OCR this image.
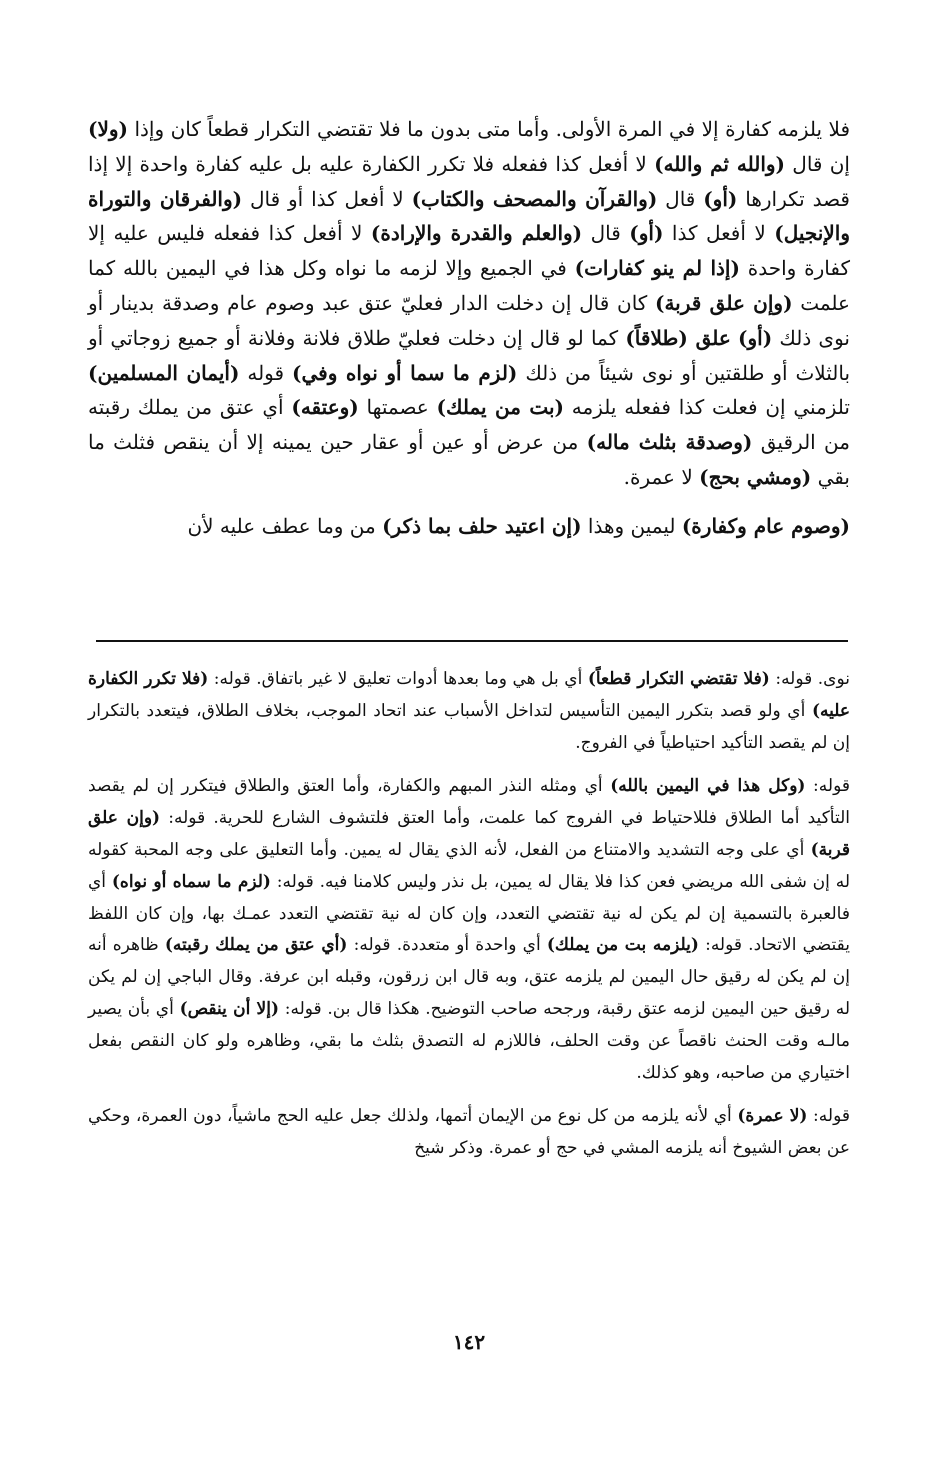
فلا يلزمه كفارة إلا في المرة الأولى. وأما متى بدون ما فلا تقتضي التكرار قطعاً كان وإذا (ولا) إن قال (والله ثم والله) لا أفعل كذا ففعله فلا تكرر الكفارة عليه بل عليه كفارة واحدة إلا إذا قصد تكرارها (أو) قال (والقرآن والمصحف والكتاب) لا أفعل كذا أو قال (والفرقان والتوراة والإنجيل) لا أفعل كذا (أو) قال (والعلم والقدرة والإرادة) لا أفعل كذا ففعله فليس عليه إلا كفارة واحدة (إذا لم ينو كفارات) في الجميع وإلا لزمه ما نواه وكل هذا في اليمين بالله كما علمت (وإن علق قربة) كان قال إن دخلت الدار فعليّ عتق عبد وصوم عام وصدقة بدينار أو نوى ذلك (أو) علق (طلاقاً) كما لو قال إن دخلت فعليّ طلاق فلانة وفلانة أو جميع زوجاتي أو بالثلاث أو طلقتين أو نوى شيئاً من ذلك (لزم ما سما أو نواه وفي) قوله (أيمان المسلمين) تلزمني إن فعلت كذا ففعله يلزمه (بت من يملك) عصمتها (وعتقه) أي عتق من يملك رقبته من الرقيق (وصدقة بثلث ماله) من عرض أو عين أو عقار حين يمينه إلا أن ينقص فثلث ما بقي (ومشي بحج) لا عمرة.

(وصوم عام وكفارة) ليمين وهذا (إن اعتيد حلف بما ذكر) من وما عطف عليه لأن

نوى. قوله: (فلا تقتضي التكرار قطعاً) أي بل هي وما بعدها أدوات تعليق لا غير باتفاق. قوله: (فلا تكرر الكفارة عليه) أي ولو قصد بتكرر اليمين التأسيس لتداخل الأسباب عند اتحاد الموجب، بخلاف الطلاق، فيتعدد بالتكرار إن لم يقصد التأكيد احتياطياً في الفروج.

قوله: (وكل هذا في اليمين بالله) أي ومثله النذر المبهم والكفارة، وأما العتق والطلاق فيتكرر إن لم يقصد التأكيد أما الطلاق فللاحتياط في الفروج كما علمت، وأما العتق فلتشوف الشارع للحرية. قوله: (وإن علق قربة) أي على وجه التشديد والامتناع من الفعل، لأنه الذي يقال له يمين. وأما التعليق على وجه المحبة كقوله له إن شفى الله مريضي فعن كذا فلا يقال له يمين، بل نذر وليس كلامنا فيه. قوله: (لزم ما سماه أو نواه) أي فالعبرة بالتسمية إن لم يكن له نية تقتضي التعدد، وإن كان له نية تقتضي التعدد عمـك بها، وإن كان اللفظ يقتضي الاتحاد. قوله: (يلزمه بت من يملك) أي واحدة أو متعددة. قوله: (أي عتق من يملك رقبته) ظاهره أنه إن لم يكن له رقيق حال اليمين لم يلزمه عتق، وبه قال ابن زرقون، وقبله ابن عرفة. وقال الباجي إن لم يكن له رقيق حين اليمين لزمه عتق رقبة، ورجحه صاحب التوضيح. هكذا قال بن. قوله: (إلا أن ينقص) أي بأن يصير مالـه وقت الحنث ناقصاً عن وقت الحلف، فاللازم له التصدق بثلث ما بقي، وظاهره ولو كان النقص بفعل اختياري من صاحبه، وهو كذلك.

قوله: (لا عمرة) أي لأنه يلزمه من كل نوع من الإيمان أتمها، ولذلك جعل عليه الحج ماشياً، دون العمرة، وحكي عن بعض الشيوخ أنه يلزمه المشي في حج أو عمرة. وذكر شيخ

١٤٢
